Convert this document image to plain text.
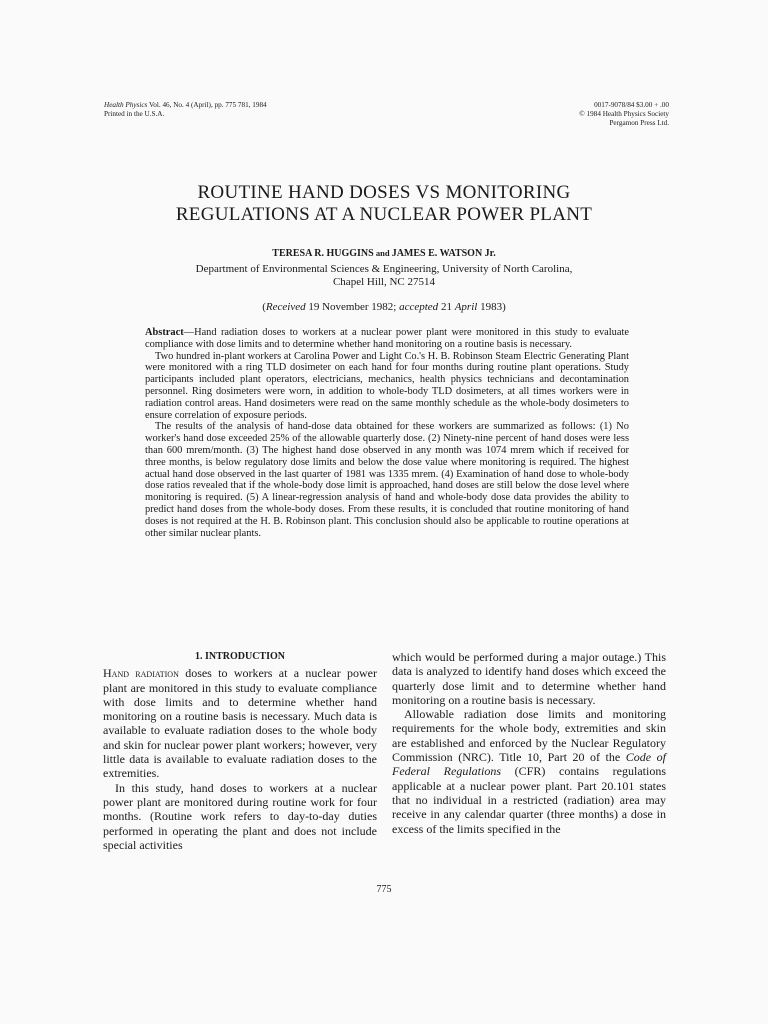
Health Physics Vol. 46, No. 4 (April), pp. 775 781, 1984
Printed in the U.S.A.
0017-9078/84 $3.00 + .00
© 1984 Health Physics Society
Pergamon Press Ltd.
ROUTINE HAND DOSES VS MONITORING
REGULATIONS AT A NUCLEAR POWER PLANT
TERESA R. HUGGINS and JAMES E. WATSON Jr.
Department of Environmental Sciences & Engineering, University of North Carolina,
Chapel Hill, NC 27514
(Received 19 November 1982; accepted 21 April 1983)

Abstract—Hand radiation doses to workers at a nuclear power plant were monitored in this study to evaluate compliance with dose limits and to determine whether hand monitoring on a routine basis is necessary.

Two hundred in-plant workers at Carolina Power and Light Co.'s H. B. Robinson Steam Electric Generating Plant were monitored with a ring TLD dosimeter on each hand for four months during routine plant operations. Study participants included plant operators, electricians, mechanics, health physics technicians and decontamination personnel. Ring dosimeters were worn, in addition to whole-body TLD dosimeters, at all times workers were in radiation control areas. Hand dosimeters were read on the same monthly schedule as the whole-body dosimeters to ensure correlation of exposure periods.

The results of the analysis of hand-dose data obtained for these workers are summarized as follows: (1) No worker's hand dose exceeded 25% of the allowable quarterly dose. (2) Ninety-nine percent of hand doses were less than 600 mrem/month. (3) The highest hand dose observed in any month was 1074 mrem which if received for three months, is below regulatory dose limits and below the dose value where monitoring is required. The highest actual hand dose observed in the last quarter of 1981 was 1335 mrem. (4) Examination of hand dose to whole-body dose ratios revealed that if the whole-body dose limit is approached, hand doses are still below the dose level where monitoring is required. (5) A linear-regression analysis of hand and whole-body dose data provides the ability to predict hand doses from the whole-body doses. From these results, it is concluded that routine monitoring of hand doses is not required at the H. B. Robinson plant. This conclusion should also be applicable to routine operations at other similar nuclear plants.

1. INTRODUCTION

Hand radiation doses to workers at a nuclear power plant are monitored in this study to evaluate compliance with dose limits and to determine whether hand monitoring on a routine basis is necessary. Much data is available to evaluate radiation doses to the whole body and skin for nuclear power plant workers; however, very little data is available to evaluate radiation doses to the extremities.

In this study, hand doses to workers at a nuclear power plant are monitored during routine work for four months. (Routine work refers to day-to-day duties performed in operating the plant and does not include special activities

which would be performed during a major outage.) This data is analyzed to identify hand doses which exceed the quarterly dose limit and to determine whether hand monitoring on a routine basis is necessary.

Allowable radiation dose limits and monitoring requirements for the whole body, extremities and skin are established and enforced by the Nuclear Regulatory Commission (NRC). Title 10, Part 20 of the Code of Federal Regulations (CFR) contains regulations applicable at a nuclear power plant. Part 20.101 states that no individual in a restricted (radiation) area may receive in any calendar quarter (three months) a dose in excess of the limits specified in the

775
